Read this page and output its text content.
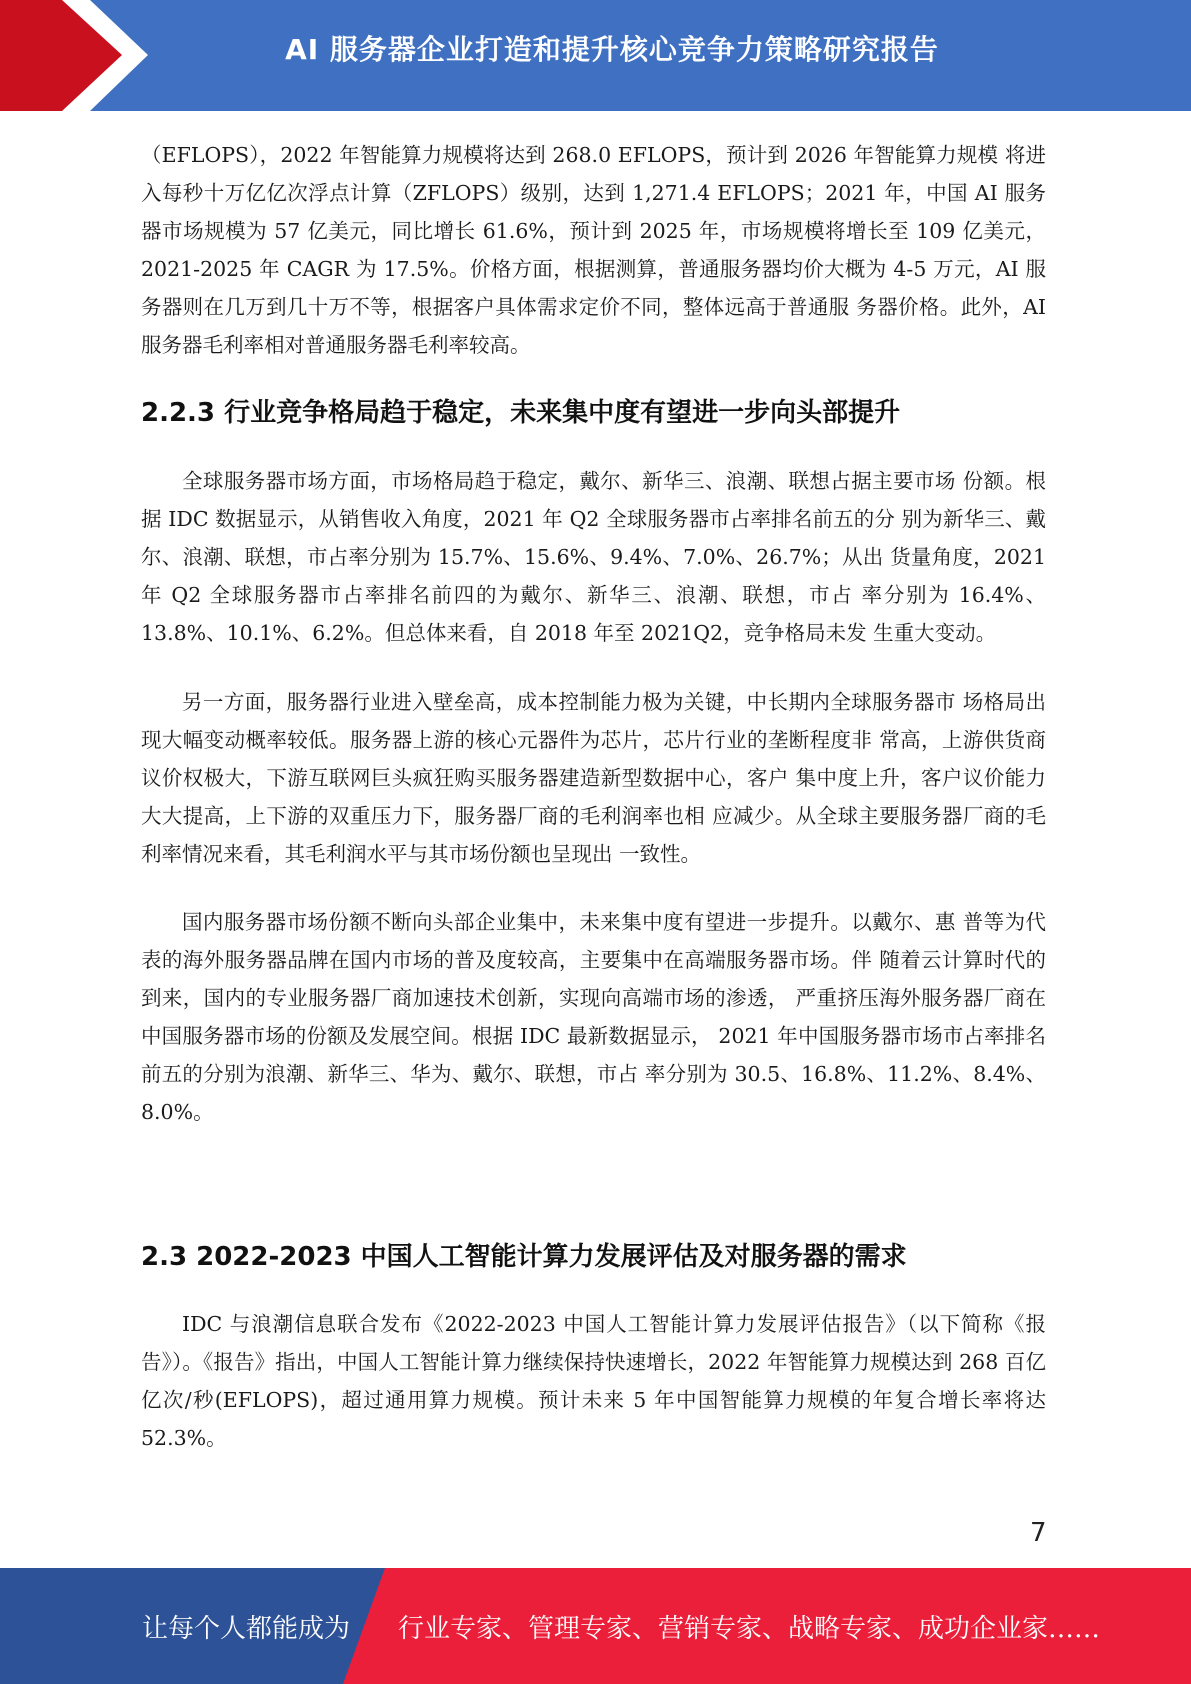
AI 服务器企业打造和提升核心竞争力策略研究报告

（EFLOPS），2022 年智能算力规模将达到 268.0 EFLOPS，预计到 2026 年智能算力规模 将进入每秒十万亿亿次浮点计算（ZFLOPS）级别，达到 1,271.4 EFLOPS；2021 年，中国 AI 服务器市场规模为 57 亿美元，同比增长 61.6%，预计到 2025 年，市场规模将增长至 109 亿美元，2021-2025 年 CAGR 为 17.5%。价格方面，根据测算，普通服务器均价大概为 4-5 万元，AI 服务器则在几万到几十万不等，根据客户具体需求定价不同，整体远高于普通服 务器价格。此外，AI 服务器毛利率相对普通服务器毛利率较高。

2.2.3 行业竞争格局趋于稳定，未来集中度有望进一步向头部提升

全球服务器市场方面，市场格局趋于稳定，戴尔、新华三、浪潮、联想占据主要市场 份额。根据 IDC 数据显示，从销售收入角度，2021 年 Q2 全球服务器市占率排名前五的分 别为新华三、戴尔、浪潮、联想，市占率分别为 15.7%、15.6%、9.4%、7.0%、26.7%；从出 货量角度，2021 年 Q2 全球服务器市占率排名前四的为戴尔、新华三、浪潮、联想，市占 率分别为 16.4%、13.8%、10.1%、6.2%。但总体来看，自 2018 年至 2021Q2，竞争格局未发 生重大变动。

另一方面，服务器行业进入壁垒高，成本控制能力极为关键，中长期内全球服务器市 场格局出现大幅变动概率较低。服务器上游的核心元器件为芯片，芯片行业的垄断程度非 常高，上游供货商议价权极大，下游互联网巨头疯狂购买服务器建造新型数据中心，客户 集中度上升，客户议价能力大大提高，上下游的双重压力下，服务器厂商的毛利润率也相 应减少。从全球主要服务器厂商的毛利率情况来看，其毛利润水平与其市场份额也呈现出 一致性。

国内服务器市场份额不断向头部企业集中，未来集中度有望进一步提升。以戴尔、惠 普等为代表的海外服务器品牌在国内市场的普及度较高，主要集中在高端服务器市场。伴 随着云计算时代的到来，国内的专业服务器厂商加速技术创新，实现向高端市场的渗透， 严重挤压海外服务器厂商在中国服务器市场的份额及发展空间。根据 IDC 最新数据显示， 2021 年中国服务器市场市占率排名前五的分别为浪潮、新华三、华为、戴尔、联想，市占 率分别为 30.5、16.8%、11.2%、8.4%、8.0%。

2.3 2022-2023 中国人工智能计算力发展评估及对服务器的需求

IDC 与浪潮信息联合发布《2022-2023 中国人工智能计算力发展评估报告》（以下简称《报告》）。《报告》指出，中国人工智能计算力继续保持快速增长，2022 年智能算力规模达到 268 百亿亿次/秒(EFLOPS)，超过通用算力规模。预计未来 5 年中国智能算力规模的年复合增长率将达 52.3%。

7
让每个人都能成为 行业专家、管理专家、营销专家、战略专家、成功企业家……
